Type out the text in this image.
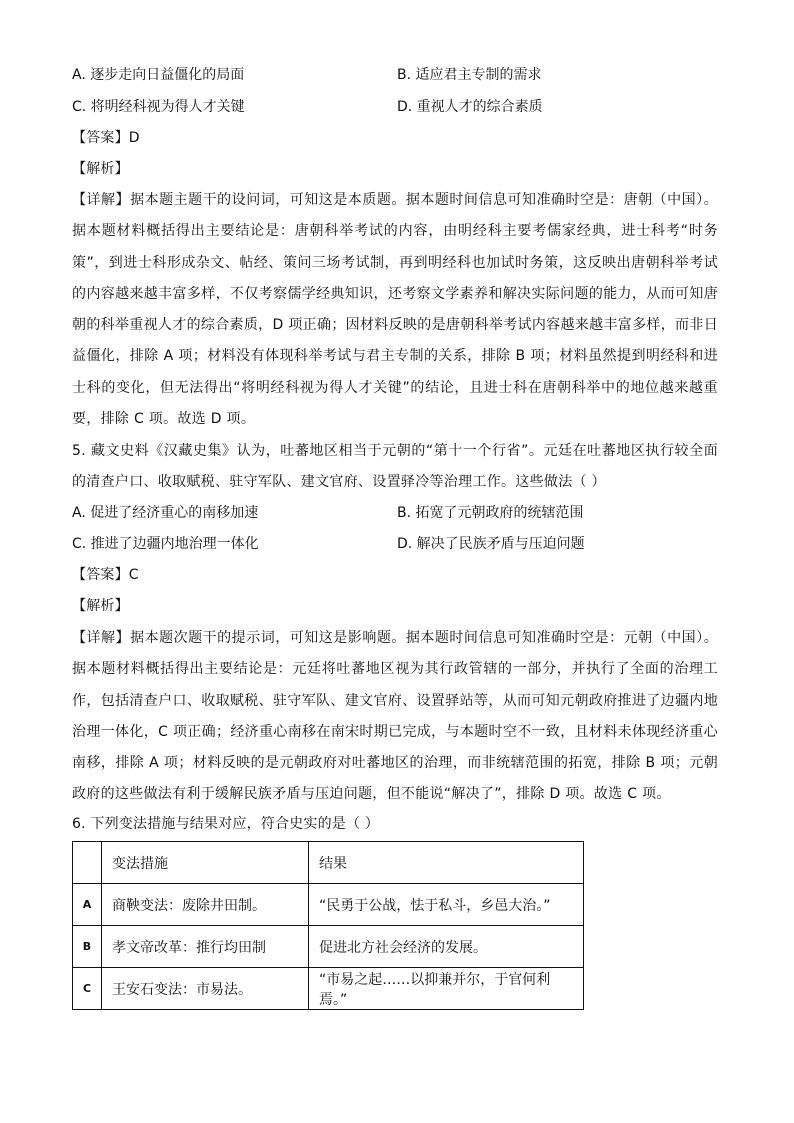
A. 逐步走向日益僵化的局面	B. 适应君主专制的需求
C. 将明经科视为得人才关键	D. 重视人才的综合素质
【答案】D
【解析】
【详解】据本题主题干的设问词，可知这是本质题。据本题时间信息可知准确时空是：唐朝（中国）。据本题材料概括得出主要结论是：唐朝科举考试的内容，由明经科主要考儒家经典，进士科考“时务策”，到进士科形成杂文、帖经、策问三场考试制，再到明经科也加试时务策，这反映出唐朝科举考试的内容越来越丰富多样，不仅考察儒学经典知识，还考察文学素养和解决实际问题的能力，从而可知唐朝的科举重视人才的综合素质，D 项正确；因材料反映的是唐朝科举考试内容越来越丰富多样，而非日益僵化，排除 A 项；材料没有体现科举考试与君主专制的关系，排除 B 项；材料虽然提到明经科和进士科的变化，但无法得出“将明经科视为得人才关键”的结论，且进士科在唐朝科举中的地位越来越重要，排除 C 项。故选 D 项。
5. 藏文史料《汉藏史集》认为，吐蕃地区相当于元朝的“第十一个行省”。元廷在吐蕃地区执行较全面的清查户口、收取赋税、驻守军队、建文官府、设置驿冷等治理工作。这些做法（ ）
A. 促进了经济重心的南移加速	B. 拓宽了元朝政府的统辖范围
C. 推进了边疆内地治理一体化	D. 解决了民族矛盾与压迫问题
【答案】C
【解析】
【详解】据本题次题干的提示词，可知这是影响题。据本题时间信息可知准确时空是：元朝（中国）。据本题材料概括得出主要结论是：元廷将吐蕃地区视为其行政管辖的一部分，并执行了全面的治理工作，包括清查户口、收取赋税、驻守军队、建文官府、设置驿站等，从而可知元朝政府推进了边疆内地治理一体化，C 项正确；经济重心南移在南宋时期已完成，与本题时空不一致，且材料未体现经济重心南移，排除 A 项；材料反映的是元朝政府对吐蕃地区的治理，而非统辖范围的拓宽，排除 B 项；元朝政府的这些做法有利于缓解民族矛盾与压迫问题，但不能说“解决了”，排除 D 项。故选 C 项。
6. 下列变法措施与结果对应，符合史实的是（ ）
	变法措施	结果
A	商鞅变法：废除井田制。	“民勇于公战，怯于私斗，乡邑大治。”
B	孝文帝改革：推行均田制	促进北方社会经济的发展。
C	王安石变法：市易法。	“市易之起……以抑兼并尔，于官何利焉。”
